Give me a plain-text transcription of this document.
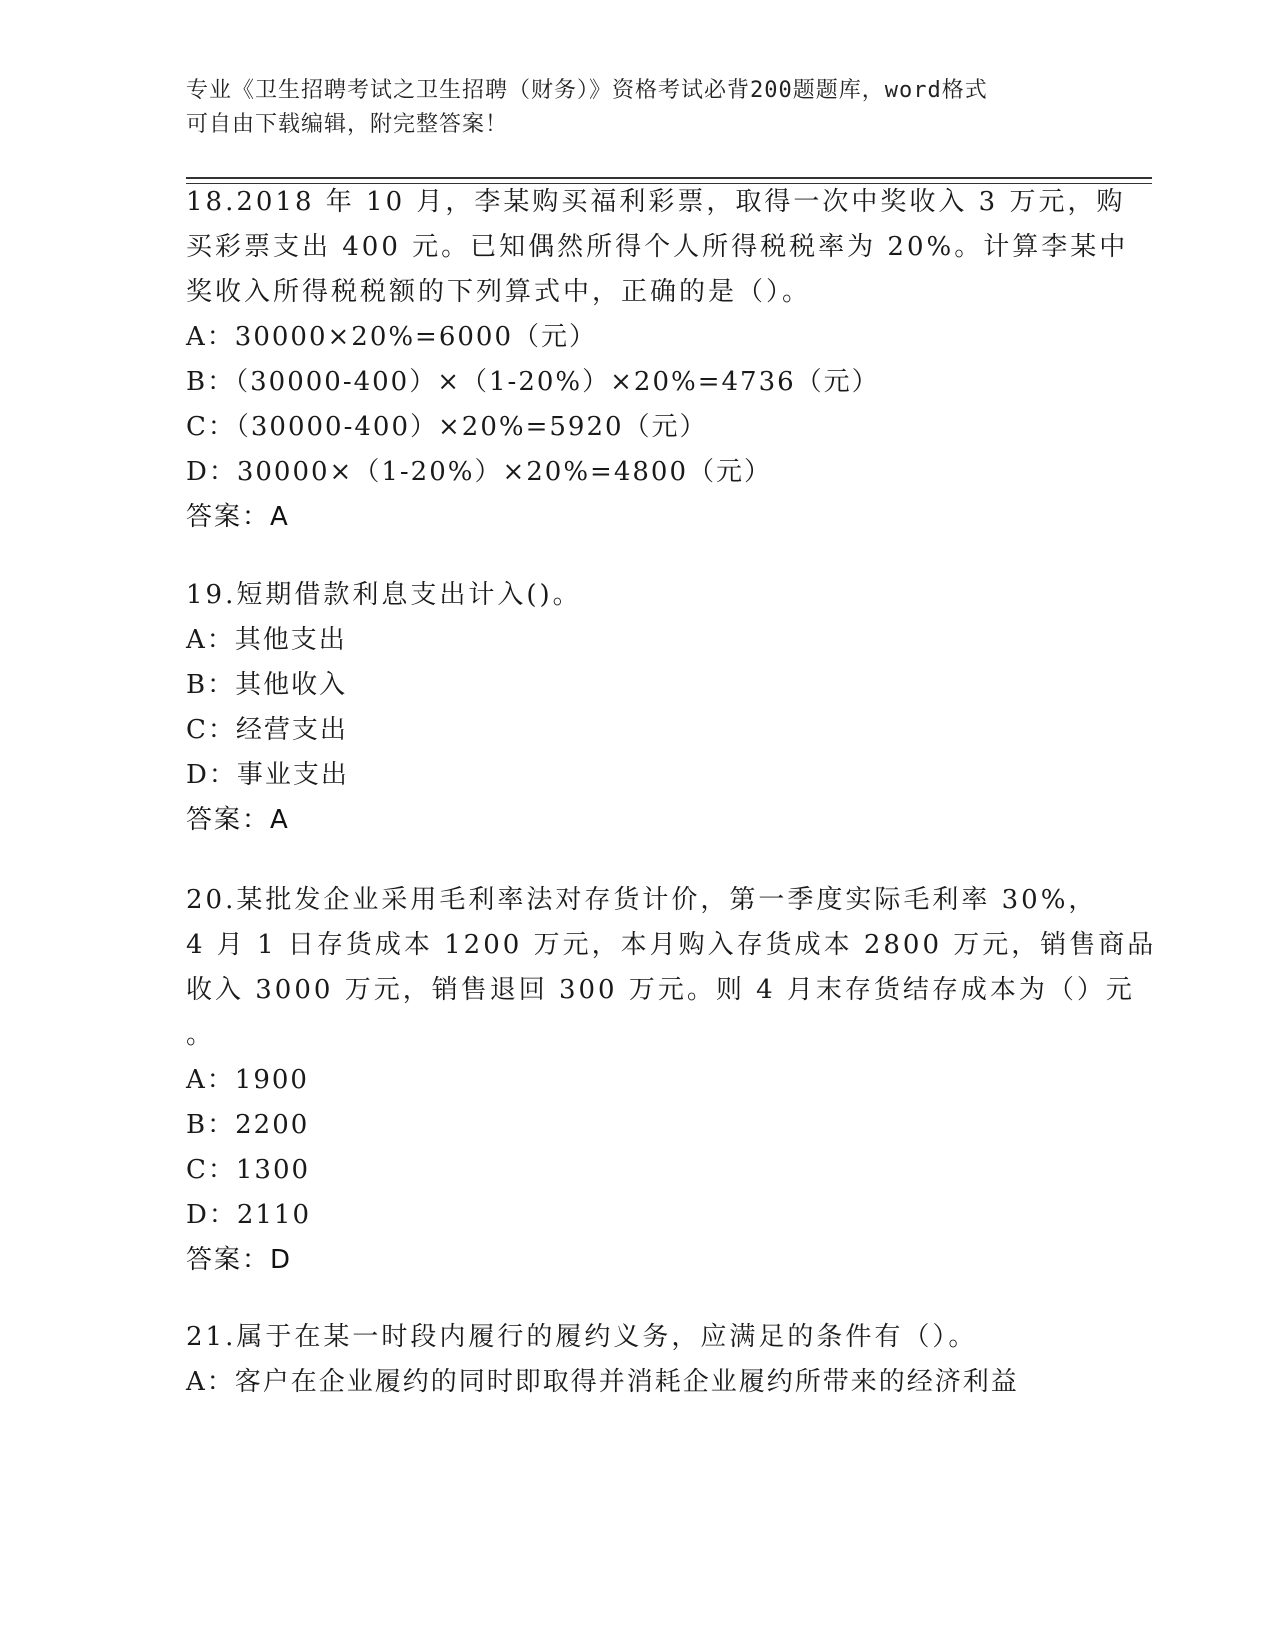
专业《卫生招聘考试之卫生招聘（财务）》资格考试必背200题题库，word格式
可自由下载编辑，附完整答案！
18.2018 年 10 月，李某购买福利彩票，取得一次中奖收入 3 万元，购
买彩票支出 400 元。已知偶然所得个人所得税税率为 20%。计算李某中
奖收入所得税税额的下列算式中，正确的是（）。
A：30000×20%=6000（元）
B：（30000-400）×（1-20%）×20%=4736（元）
C：（30000-400）×20%=5920（元）
D：30000×（1-20%）×20%=4800（元）
答案：A
19.短期借款利息支出计入()。
A：其他支出
B：其他收入
C：经营支出
D：事业支出
答案：A
20.某批发企业采用毛利率法对存货计价，第一季度实际毛利率 30%，
4 月 1 日存货成本 1200 万元，本月购入存货成本 2800 万元，销售商品
收入 3000 万元，销售退回 300 万元。则 4 月末存货结存成本为（）元
。
A：1900
B：2200
C：1300
D：2110
答案：D
21.属于在某一时段内履行的履约义务，应满足的条件有（）。
A：客户在企业履约的同时即取得并消耗企业履约所带来的经济利益
